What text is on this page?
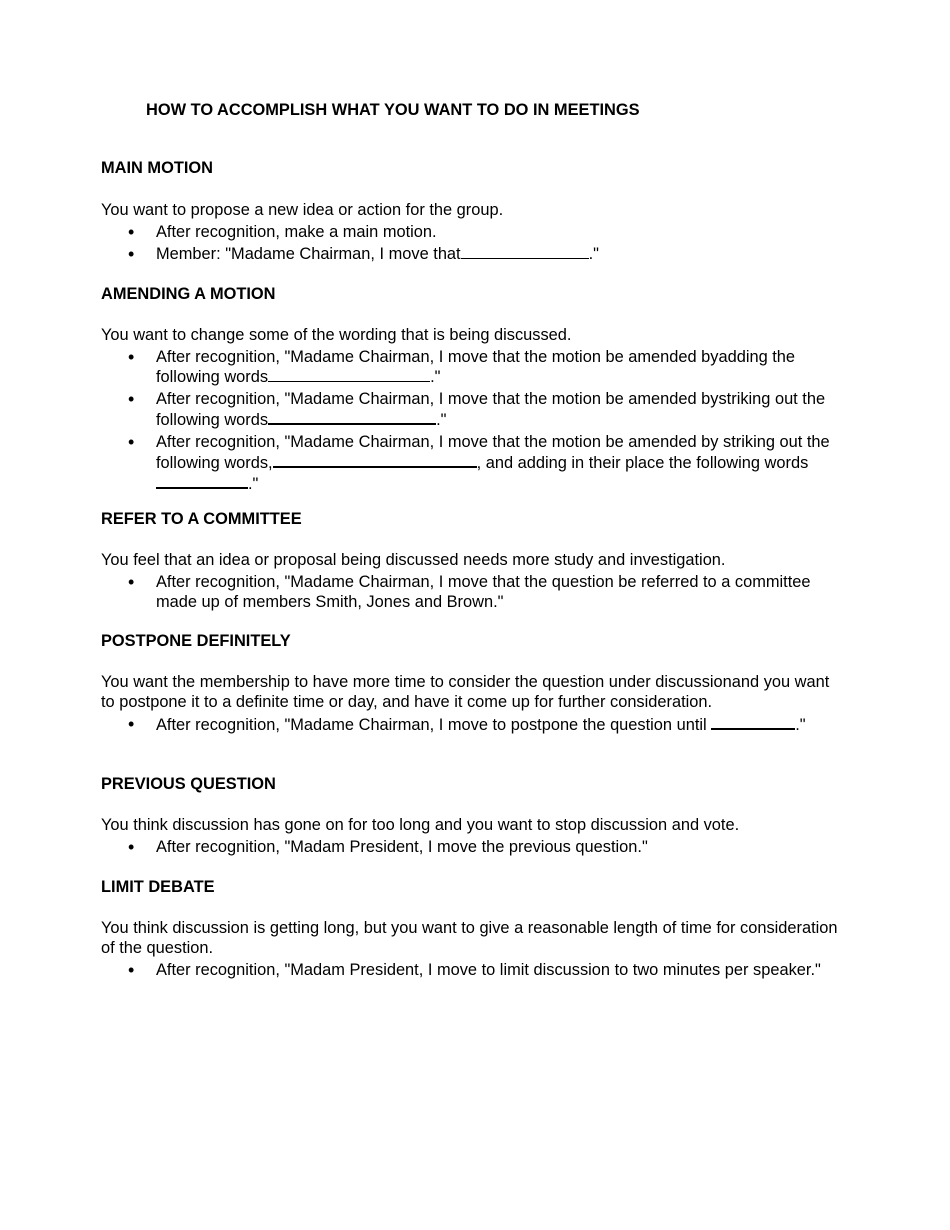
HOW TO ACCOMPLISH WHAT YOU WANT TO DO IN MEETINGS

MAIN MOTION

You want to propose a new idea or action for the group.

• After recognition, make a main motion.
• Member: "Madame Chairman, I move that	."

AMENDING A MOTION

You want to change some of the wording that is being discussed.

• After recognition, "Madame Chairman, I move that the motion be amended byadding the following words	."
• After recognition, "Madame Chairman, I move that the motion be amended bystriking out the following words	."
• After recognition, "Madame Chairman, I move that the motion be amended by striking out the following words,	, and adding in their place the following words."

REFER TO A COMMITTEE

You feel that an idea or proposal being discussed needs more study and investigation.

• After recognition, "Madame Chairman, I move that the question be referred to a committee made up of members Smith, Jones and Brown."

POSTPONE DEFINITELY

You want the membership to have more time to consider the question under discussionand you want to postpone it to a definite time or day, and have it come up for further consideration.

• After recognition, "Madame Chairman, I move to postpone the question until	."

PREVIOUS QUESTION

You think discussion has gone on for too long and you want to stop discussion and vote.

• After recognition, "Madam President, I move the previous question."

LIMIT DEBATE

You think discussion is getting long, but you want to give a reasonable length of time for consideration of the question.

• After recognition, "Madam President, I move to limit discussion to two minutes per speaker."
